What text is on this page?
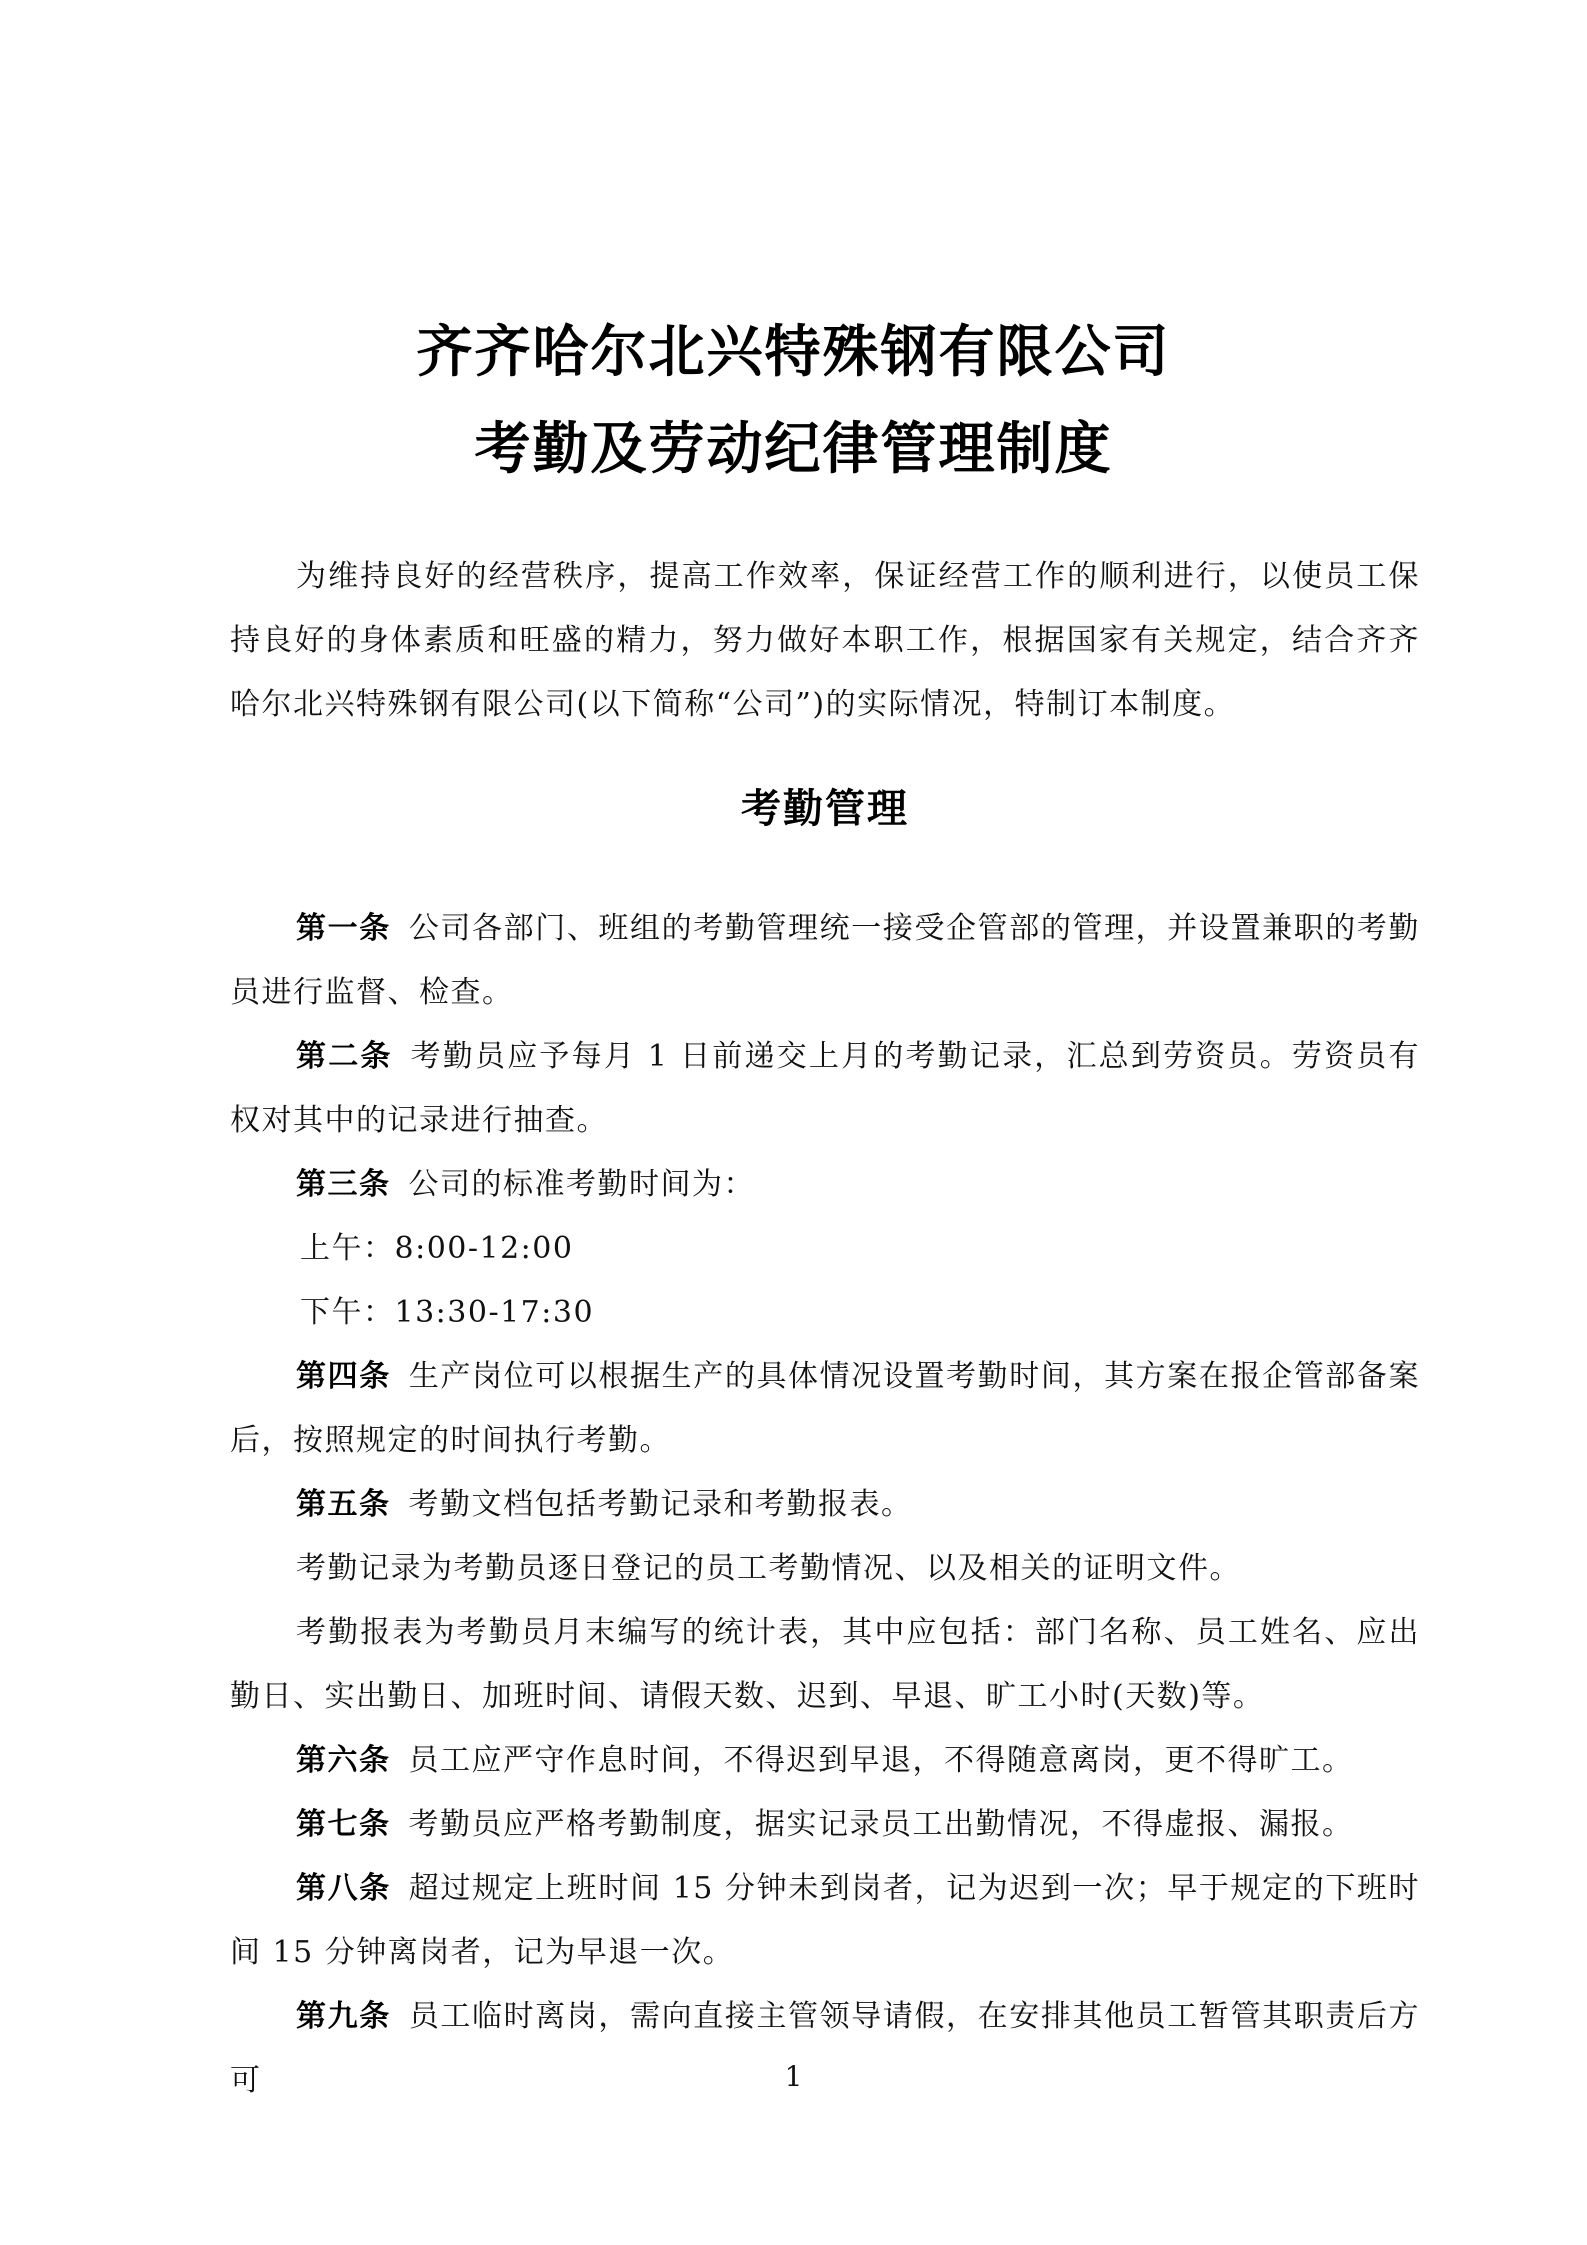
齐齐哈尔北兴特殊钢有限公司
考勤及劳动纪律管理制度

为维持良好的经营秩序，提高工作效率，保证经营工作的顺利进行，以使员工保持良好的身体素质和旺盛的精力，努力做好本职工作，根据国家有关规定，结合齐齐哈尔北兴特殊钢有限公司(以下简称“公司”)的实际情况，特制订本制度。

考勤管理

第一条 公司各部门、班组的考勤管理统一接受企管部的管理，并设置兼职的考勤员进行监督、检查。

第二条 考勤员应予每月 1 日前递交上月的考勤记录，汇总到劳资员。劳资员有权对其中的记录进行抽查。

第三条 公司的标准考勤时间为：

上午：8:00-12:00

下午：13:30-17:30

第四条 生产岗位可以根据生产的具体情况设置考勤时间，其方案在报企管部备案后，按照规定的时间执行考勤。

第五条 考勤文档包括考勤记录和考勤报表。

考勤记录为考勤员逐日登记的员工考勤情况、以及相关的证明文件。

考勤报表为考勤员月末编写的统计表，其中应包括：部门名称、员工姓名、应出勤日、实出勤日、加班时间、请假天数、迟到、早退、旷工小时(天数)等。

第六条 员工应严守作息时间，不得迟到早退，不得随意离岗，更不得旷工。

第七条 考勤员应严格考勤制度，据实记录员工出勤情况，不得虚报、漏报。

第八条 超过规定上班时间 15 分钟未到岗者，记为迟到一次；早于规定的下班时间 15 分钟离岗者，记为早退一次。

第九条 员工临时离岗，需向直接主管领导请假，在安排其他员工暂管其职责后方可	1
